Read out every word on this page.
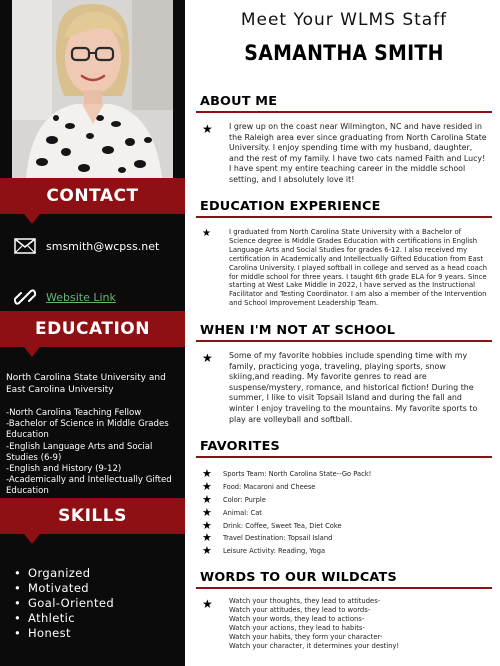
CONTACT
smsmith@wcpss.net
Website Link
EDUCATION
North Carolina State University and East Carolina University
-North Carolina Teaching Fellow
-Bachelor of Science in Middle Grades Education
-English Language Arts and Social Studies (6-9)
-English and History (9-12)
-Academically and Intellectually Gifted Education
SKILLS
• Organized
• Motivated
• Goal-Oriented
• Athletic
• Honest
Meet Your WLMS Staff
SAMANTHA SMITH
ABOUT ME
★ I grew up on the coast near Wilmington, NC and have resided in the Raleigh area ever since graduating from North Carolina State University. I enjoy spending time with my husband, daughter, and the rest of my family. I have two cats named Faith and Lucy! I have spent my entire teaching career in the middle school setting, and I absolutely love it!
EDUCATION EXPERIENCE
★	I graduated from North Carolina State University with a Bachelor of Science degree is Middle Grades Education with certifications in English Language Arts and Social Studies for grades 6-12. I also received my certification in Academically and Intellectually Gifted Education from East Carolina University. I played softball in college and served as a head coach for middle school for three years. I taught 6th grade ELA for 9 years. Since starting at West Lake Middle in 2022, I have served as the Instructional Facilitator and Testing Coordinator. I am also a member of the Intervention and School Improvement Leadership Team.
WHEN I'M NOT AT SCHOOL
★ Some of my favorite hobbies include spending time with my family, practicing yoga, traveling, playing sports, snow skiing,and reading. My favorite genres to read are suspense/mystery, romance, and historical fiction! During the summer, I like to visit Topsail Island and during the fall and winter I enjoy traveling to the mountains. My favorite sports to play are volleyball and softball.
FAVORITES
★ Sports Team: North Carolina State--Go Pack!
★ Food: Macaroni and Cheese
★ Color: Purple
★ Animal: Cat
★ Drink: Coffee, Sweet Tea, Diet Coke
★ Travel Destination: Topsail Island
★ Leisure Activity: Reading, Yoga
WORDS TO OUR WILDCATS
★ Watch your thoughts, they lead to attitudes-
Watch your attitudes, they lead to words-
Watch your words, they lead to actions-
Watch your actions, they lead to habits-
Watch your habits, they form your character-
Watch your character, it determines your destiny!
